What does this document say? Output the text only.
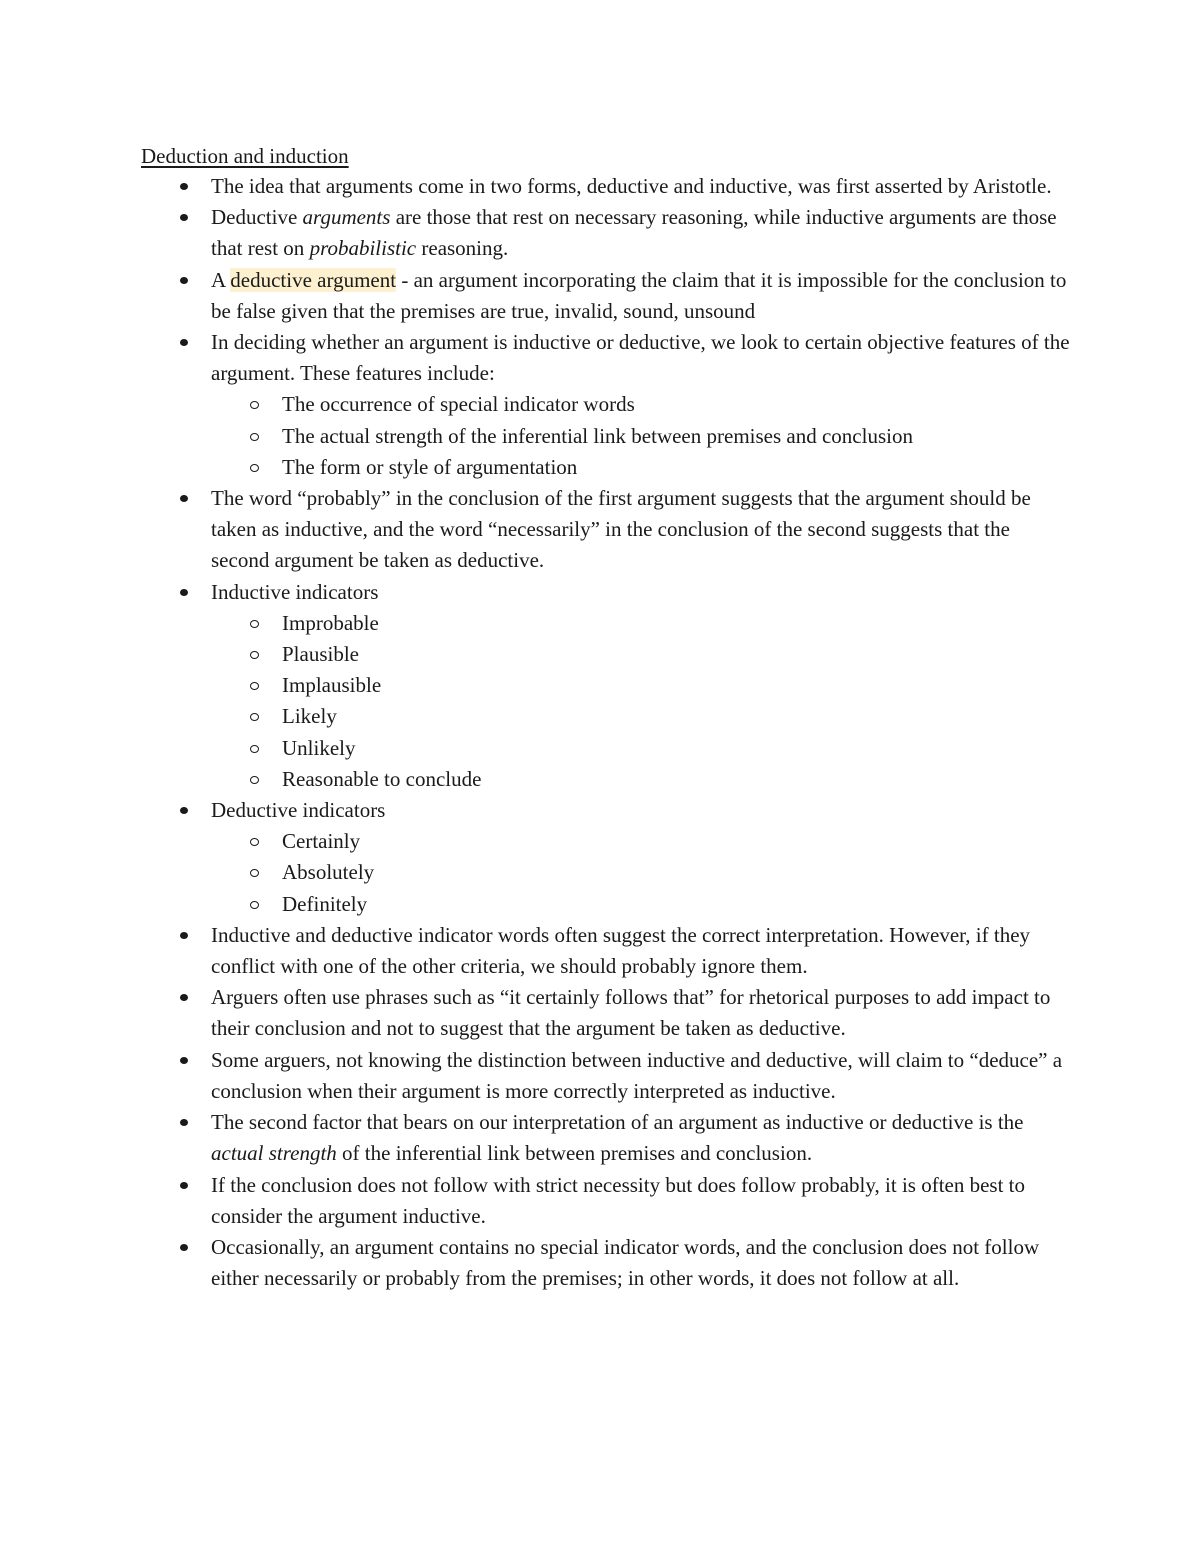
Deduction and induction
The idea that arguments come in two forms, deductive and inductive, was first asserted by Aristotle.
Deductive arguments are those that rest on necessary reasoning, while inductive arguments are those that rest on probabilistic reasoning.
A deductive argument - an argument incorporating the claim that it is impossible for the conclusion to be false given that the premises are true, invalid, sound, unsound
In deciding whether an argument is inductive or deductive, we look to certain objective features of the argument. These features include:
The occurrence of special indicator words
The actual strength of the inferential link between premises and conclusion
The form or style of argumentation
The word “probably” in the conclusion of the first argument suggests that the argument should be taken as inductive, and the word “necessarily” in the conclusion of the second suggests that the second argument be taken as deductive.
Inductive indicators
Improbable
Plausible
Implausible
Likely
Unlikely
Reasonable to conclude
Deductive indicators
Certainly
Absolutely
Definitely
Inductive and deductive indicator words often suggest the correct interpretation. However, if they conflict with one of the other criteria, we should probably ignore them.
Arguers often use phrases such as “it certainly follows that” for rhetorical purposes to add impact to their conclusion and not to suggest that the argument be taken as deductive.
Some arguers, not knowing the distinction between inductive and deductive, will claim to “deduce” a conclusion when their argument is more correctly interpreted as inductive.
The second factor that bears on our interpretation of an argument as inductive or deductive is the actual strength of the inferential link between premises and conclusion.
If the conclusion does not follow with strict necessity but does follow probably, it is often best to consider the argument inductive.
Occasionally, an argument contains no special indicator words, and the conclusion does not follow either necessarily or probably from the premises; in other words, it does not follow at all.
